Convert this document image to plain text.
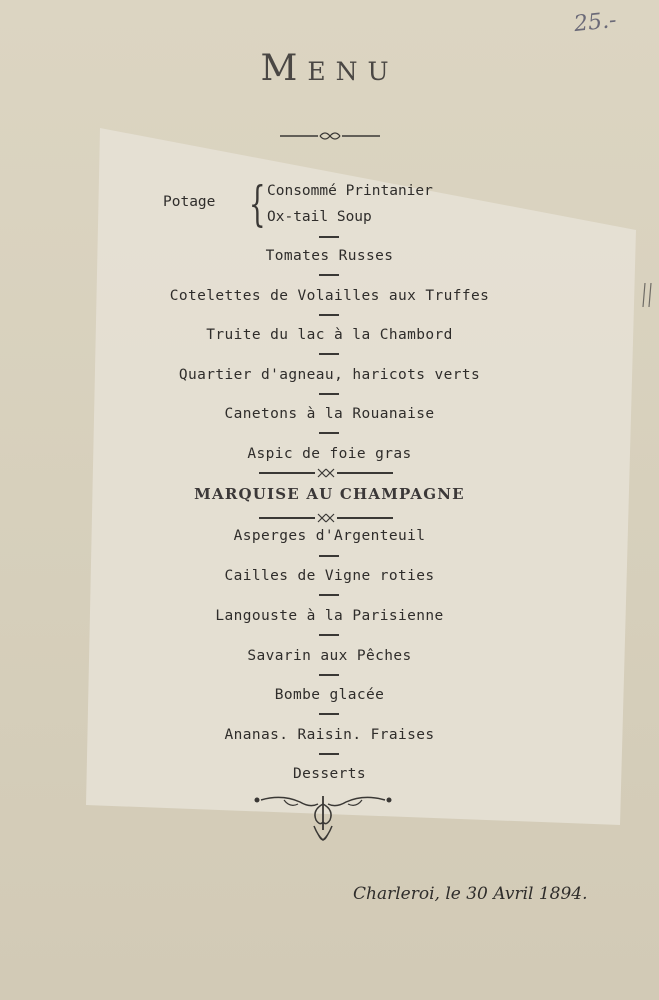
25.-
Menu
Potage { Consommé Printanier
Ox-tail Soup
Tomates Russes
Cotelettes de Volailles aux Truffes
Truite du lac à la Chambord
Quartier d'agneau, haricots verts
Canetons à la Rouanaise
Aspic de foie gras
MARQUISE AU CHAMPAGNE
Asperges d'Argenteuil
Cailles de Vigne roties
Langouste à la Parisienne
Savarin aux Pêches
Bombe glacée
Ananas. Raisin. Fraises
Desserts
Charleroi, le 30 Avril 1894.
